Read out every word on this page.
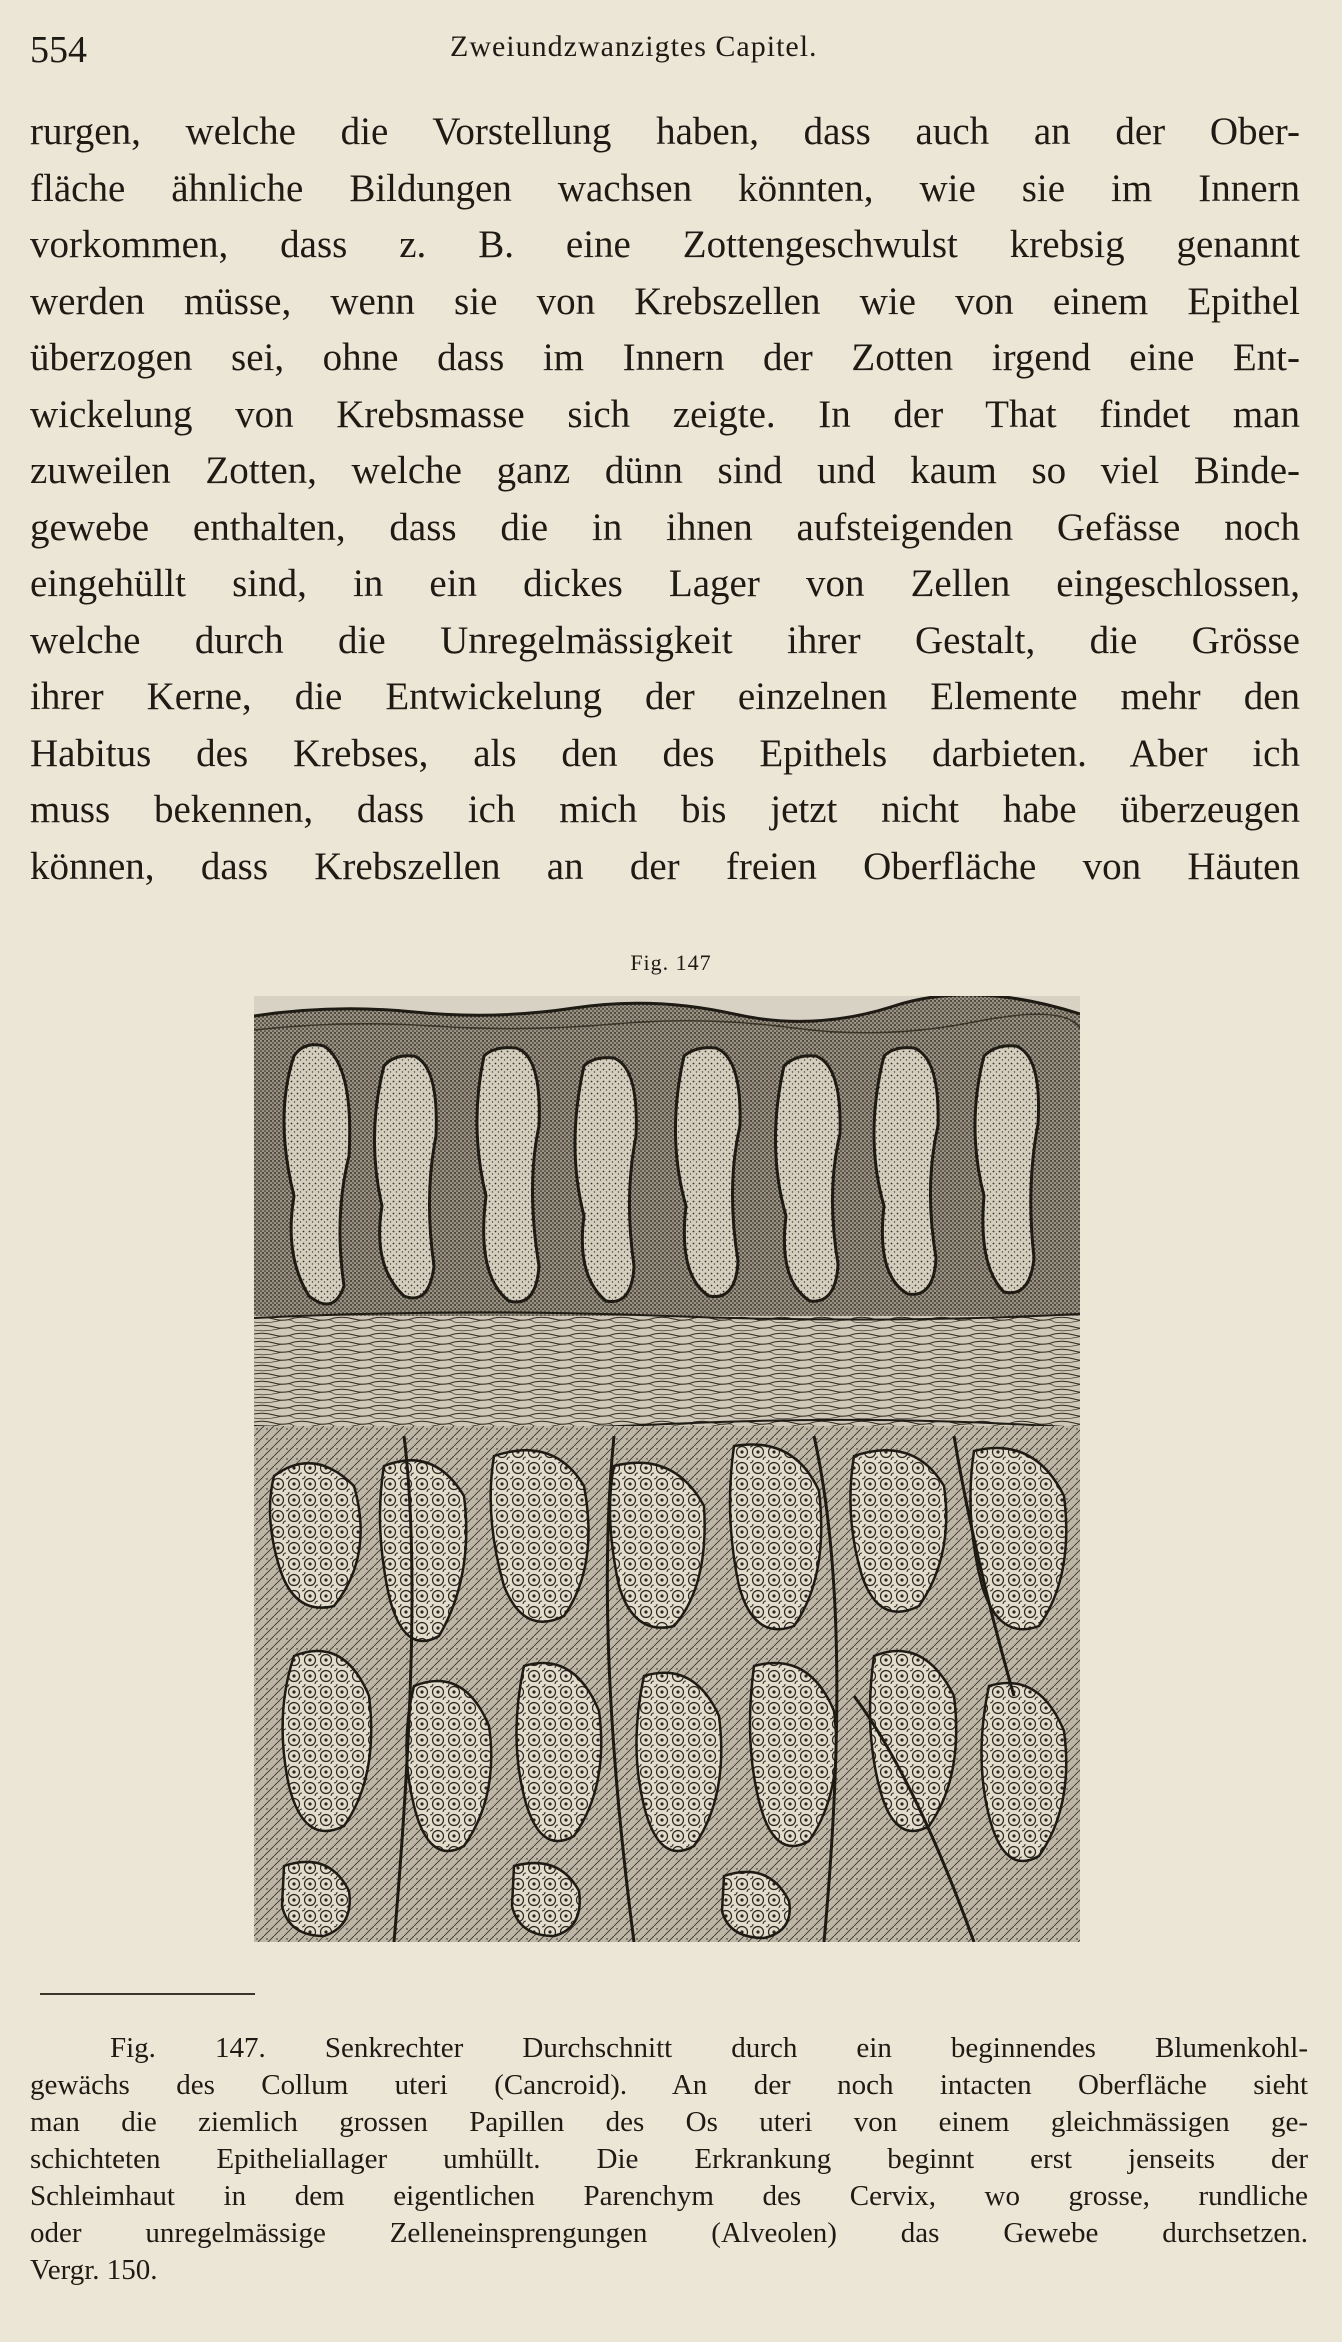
554	Zweiundzwanzigtes Capitel.
rurgen, welche die Vorstellung haben, dass auch an der Ober-
fläche ähnliche Bildungen wachsen könnten, wie sie im Innern
vorkommen, dass z. B. eine Zottengeschwulst krebsig genannt
werden müsse, wenn sie von Krebszellen wie von einem Epithel
überzogen sei, ohne dass im Innern der Zotten irgend eine Ent-
wickelung von Krebsmasse sich zeigte. In der That findet man
zuweilen Zotten, welche ganz dünn sind und kaum so viel Binde-
gewebe enthalten, dass die in ihnen aufsteigenden Gefässe noch
eingehüllt sind, in ein dickes Lager von Zellen eingeschlossen,
welche durch die Unregelmässigkeit ihrer Gestalt, die Grösse
ihrer Kerne, die Entwickelung der einzelnen Elemente mehr den
Habitus des Krebses, als den des Epithels darbieten. Aber ich
muss bekennen, dass ich mich bis jetzt nicht habe überzeugen
können, dass Krebszellen an der freien Oberfläche von Häuten
Fig. 147
Fig. 147. Senkrechter Durchschnitt durch ein beginnendes Blumenkohl-
gewächs des Collum uteri (Cancroid). An der noch intacten Oberfläche sieht
man die ziemlich grossen Papillen des Os uteri von einem gleichmässigen ge-
schichteten Epitheliallager umhüllt. Die Erkrankung beginnt erst jenseits der
Schleimhaut in dem eigentlichen Parenchym des Cervix, wo grosse, rundliche
oder unregelmässige Zelleneinsprengungen (Alveolen) das Gewebe durchsetzen.
Vergr. 150.
